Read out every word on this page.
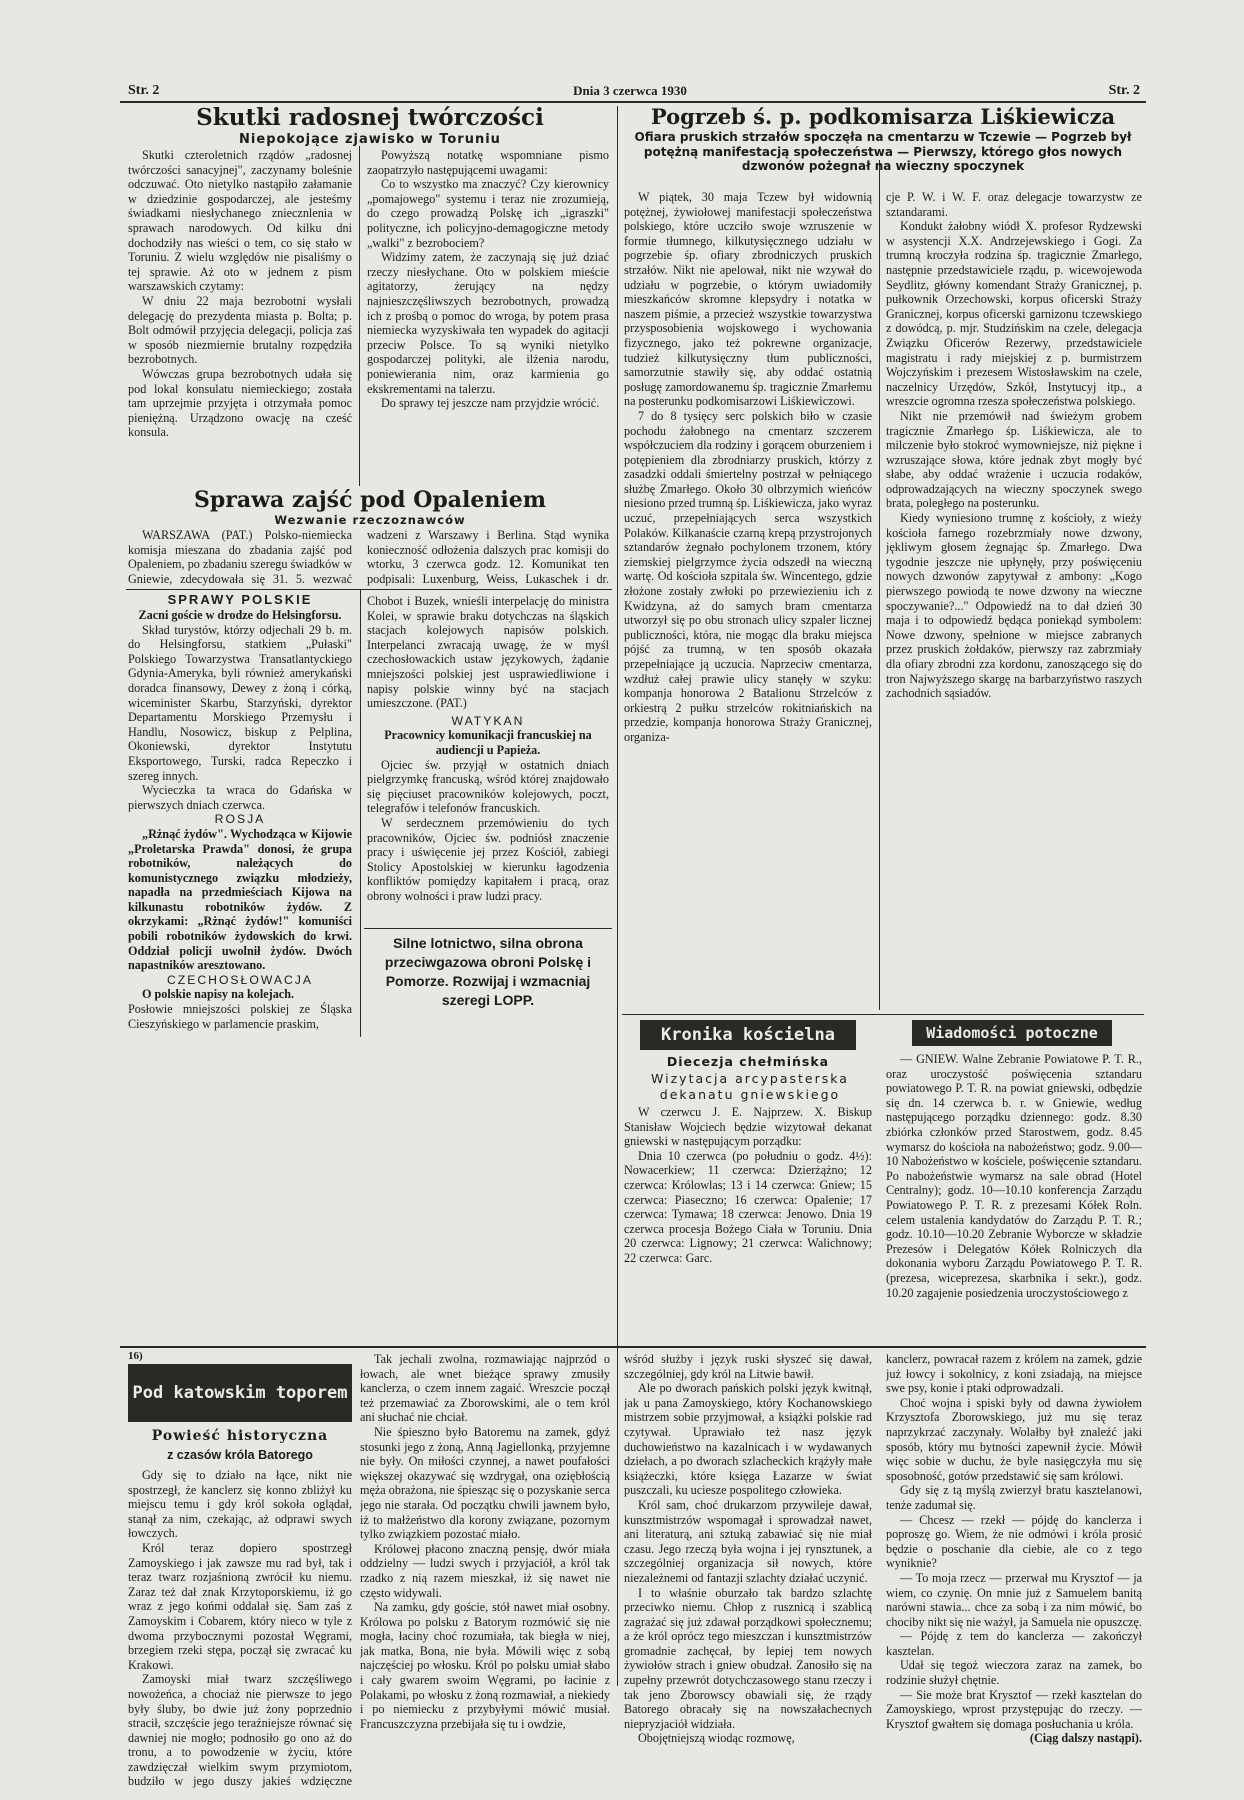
Str. 2	Dnia 3 czerwca 1930	Str. 2
Skutki radosnej twórczości
Niepokojące zjawisko w Toruniu

Skutki czteroletnich rządów „radosnej twórczości sanacyjnej", zaczynamy boleśnie odczuwać. Oto nietylko nastąpiło załamanie w dziedzinie gospodarczej, ale jesteśmy świadkami niesłychanego zniecznlenia w sprawach narodowych. Od kilku dni dochodziły nas wieści o tem, co się stało w Toruniu. Z wielu względów nie pisaliśmy o tej sprawie. Aż oto w jednem z pism warszawskich czytamy:

W dniu 22 maja bezrobotni wysłali delegację do prezydenta miasta p. Bolta; p. Bolt odmówił przyjęcia delegacji, policja zaś w sposób niezmiernie brutalny rozpędziła bezrobotnych.

Wówczas grupa bezrobotnych udała się pod lokal konsulatu niemieckiego; została tam uprzejmie przyjęta i otrzymała pomoc pieniężną. Urządzono owację na cześć konsula.

Powyższą notatkę wspomniane pismo zaopatrzyło następującemi uwagami:

Co to wszystko ma znaczyć? Czy kierownicy „pomajowego" systemu i teraz nie zrozumieją, do czego prowadzą Polskę ich „igraszki" polityczne, ich policyjno-demagogiczne metody „walki" z bezrobociem?

Widzimy zatem, że zaczynają się już dziać rzeczy niesłychane. Oto w polskiem mieście agitatorzy, żerujący na nędzy najnieszczęśliwszych bezrobotnych, prowadzą ich z prośbą o pomoc do wroga, by potem prasa niemiecka wyzyskiwała ten wypadek do agitacji przeciw Polsce. To są wyniki nietylko gospodarczej polityki, ale ilżenia narodu, poniewierania nim, oraz karmienia go ekskrementami na talerzu.

Do sprawy tej jeszcze nam przyjdzie wrócić.

Sprawa zajść pod Opaleniem
Wezwanie rzeczoznawców

WARSZAWA (PAT.) Polsko-niemiecka komisja mieszana do zbadania zajść pod Opaleniem, po zbadaniu szeregu świadków w Gniewie, zdecydowała się 31. 5. wezwać

wadzeni z Warszawy i Berlina. Stąd wynika konieczność odłożenia dalszych prac komisji do wtorku, 3 czerwca godz. 12. Komunikat ten podpisali: Luxenburg, Weiss, Lukaschek i dr.

SPRAWY POLSKIE

Zacni goście w drodze do Helsingforsu.

Skład turystów, którzy odjechali 29 b. m. do Helsingforsu, statkiem „Pułaski" Polskiego Towarzystwa Transatlantyckiego Gdynia-Ameryka, byli również amerykański doradca finansowy, Dewey z żoną i córką, wiceminister Skarbu, Starzyński, dyrektor Departamentu Morskiego Przemysłu i Handlu, Nosowicz, biskup z Pelplina, Okoniewski, dyrektor Instytutu Eksportowego, Turski, radca Repeczko i szereg innych.

Wycieczka ta wraca do Gdańska w pierwszych dniach czerwca.

ROSJA

„Rżnąć żydów". Wychodząca w Kijowie „Proletarska Prawda" donosi, że grupa robotników, należących do komunistycznego związku młodzieży, napadła na przedmieściach Kijowa na kilkunastu robotników żydów. Z okrzykami: „Rżnąć żydów!" komuniści pobili robotników żydowskich do krwi. Oddział policji uwolnił żydów. Dwóch napastników aresztowano.

CZECHOSŁOWACJA

O polskie napisy na kolejach.

Posłowie mniejszości polskiej ze Śląska Cieszyńskiego w parlamencie praskim,

Chobot i Buzek, wnieśli interpelację do ministra Kolei, w sprawie braku dotychczas na śląskich stacjach kolejowych napisów polskich. Interpelanci zwracają uwagę, że w myśl czechosłowackich ustaw językowych, żądanie mniejszości polskiej jest usprawiedliwione i napisy polskie winny być na stacjach umieszczone. (PAT.)

WATYKAN

Pracownicy komunikacji francuskiej na audiencji u Papieża.

Ojciec św. przyjął w ostatnich dniach pielgrzymkę francuską, wśród której znajdowało się pięciuset pracowników kolejowych, poczt, telegrafów i telefonów francuskich.

W serdecznem przemówieniu do tych pracowników, Ojciec św. podniósł znaczenie pracy i uświęcenie jej przez Kościół, zabiegi Stolicy Apostolskiej w kierunku łagodzenia konfliktów pomiędzy kapitałem i pracą, oraz obrony wolności i praw ludzi pracy.

Silne lotnictwo, silna obrona przeciwgazowa obroni Polskę i Pomorze. Rozwijaj i wzmacniaj szeregi LOPP.
Pogrzeb ś. p. podkomisarza Liśkiewicza
Ofiara pruskich strzałów spoczęła na cmentarzu w Tczewie — Pogrzeb był potężną manifestacją społeczeństwa — Pierwszy, którego głos nowych dzwonów pożegnał na wieczny spoczynek

W piątek, 30 maja Tczew był widownią potężnej, żywiołowej manifestacji społeczeństwa polskiego, które uczciło swoje wzruszenie w formie tłumnego, kilkutysięcznego udziału w pogrzebie śp. ofiary zbrodniczych pruskich strzałów. Nikt nie apelował, nikt nie wzywał do udziału w pogrzebie, o którym uwiadomiły mieszkańców skromne klepsydry i notatka w naszem piśmie, a przecież wszystkie towarzystwa przysposobienia wojskowego i wychowania fizycznego, jako też pokrewne organizacje, tudzież kilkutysięczny tłum publiczności, samorzutnie stawiły się, aby oddać ostatnią posługę zamordowanemu śp. tragicznie Zmarłemu na posterunku podkomisarzowi Liśkiewiczowi.

7 do 8 tysięcy serc polskich biło w czasie pochodu żałobnego na cmentarz szczerem współczuciem dla rodziny i gorącem oburzeniem i potępieniem dla zbrodniarzy pruskich, którzy z zasadzki oddali śmiertelny postrzał w pełniącego służbę Zmarłego. Około 30 olbrzymich wieńców niesiono przed trumną śp. Liśkiewicza, jako wyraz uczuć, przepełniających serca wszystkich Polaków. Kilkanaście czarną krepą przystrojonych sztandarów żegnało pochylonem trzonem, który ziemskiej pielgrzymce życia odszedł na wieczną wartę. Od kościoła szpitala św. Wincentego, gdzie złożone zostały zwłoki po przewiezieniu ich z Kwidzyna, aż do samych bram cmentarza utworzył się po obu stronach ulicy szpaler licznej publiczności, która, nie mogąc dla braku miejsca pójść za trumną, w ten sposób okazała przepełniające ją uczucia. Naprzeciw cmentarza, wzdłuż całej prawie ulicy stanęły w szyku: kompanja honorowa 2 Batalionu Strzelców z orkiestrą 2 pułku strzelców rokitniańskich na przedzie, kompanja honorowa Straży Granicznej, organiza-

cje P. W. i W. F. oraz delegacje towarzystw ze sztandarami.

Kondukt żałobny wiódł X. profesor Rydzewski w asystencji X.X. Andrzejewskiego i Gogi. Za trumną kroczyła rodzina śp. tragicznie Zmarłego, następnie przedstawiciele rządu, p. wicewojewoda Seydlitz, główny komendant Straży Granicznej, p. pułkownik Orzechowski, korpus oficerski Straży Granicznej, korpus oficerski garnizonu tczewskiego z dowódcą, p. mjr. Studzińskim na czele, delegacja Związku Oficerów Rezerwy, przedstawiciele magistratu i rady miejskiej z p. burmistrzem Wojczyńskim i prezesem Wistosławskim na czele, naczelnicy Urzędów, Szkół, Instytucyj itp., a wreszcie ogromna rzesza społeczeństwa polskiego.

Nikt nie przemówił nad świeżym grobem tragicznie Zmarłego śp. Liśkiewicza, ale to milczenie było stokroć wymowniejsze, niż piękne i wzruszające słowa, które jednak zbyt mogły być słabe, aby oddać wrażenie i uczucia rodaków, odprowadzających na wieczny spoczynek swego brata, poległego na posterunku.

Kiedy wyniesiono trumnę z kościoły, z wieży kościoła farnego rozebrzmiały nowe dzwony, jękliwym głosem żegnając śp. Zmarłego. Dwa tygodnie jeszcze nie upłynęły, przy poświęceniu nowych dzwonów zapytywał z ambony: „Kogo pierwszego powiodą te nowe dzwony na wieczne spoczywanie?..." Odpowiedź na to dał dzień 30 maja i to odpowiedź będąca poniekąd symbolem: Nowe dzwony, spełnione w miejsce zabranych przez pruskich żołdaków, pierwszy raz zabrzmiały dla ofiary zbrodni zza kordonu, zanoszącego się do tron Najwyższego skargę na barbarzyństwo raszych zachodnich sąsiadów.

Kronika kościelna
Diecezja chełmińska
Wizytacja arcypasterska dekanatu gniewskiego

W czerwcu J. E. Najprzew. X. Biskup Stanisław Wojciech będzie wizytował dekanat gniewski w następującym porządku:

Dnia 10 czerwca (po południu o godz. 4½): Nowacerkiew; 11 czerwca: Dzierżążno; 12 czerwca: Królowlas; 13 i 14 czerwca: Gniew; 15 czerwca: Piaseczno; 16 czerwca: Opalenie; 17 czerwca: Tymawa; 18 czerwca: Jenowo. Dnia 19 czerwca procesja Bożego Ciała w Toruniu. Dnia 20 czerwca: Lignowy; 21 czerwca: Walichnowy; 22 czerwca: Garc.

Wiadomości potoczne

— GNIEW. Walne Zebranie Powiatowe P. T. R., oraz uroczystość poświęcenia sztandaru powiatowego P. T. R. na powiat gniewski, odbędzie się dn. 14 czerwca b. r. w Gniewie, według następującego porządku dziennego: godz. 8.30 zbiórka członków przed Starostwem, godz. 8.45 wymarsz do kościoła na nabożeństwo; godz. 9.00—10 Nabożeństwo w kościele, poświęcenie sztandaru. Po nabożeństwie wymarsz na sale obrad (Hotel Centralny); godz. 10—10.10 konferencja Zarządu Powiatowego P. T. R. z prezesami Kółek Roln. celem ustalenia kandydatów do Zarządu P. T. R.; godz. 10.10—10.20 Zebranie Wyborcze w składzie Prezesów i Delegatów Kółek Rolniczych dla dokonania wyboru Zarządu Powiatowego P. T. R. (prezesa, wiceprezesa, skarbnika i sekr.), godz. 10.20 zagajenie posiedzenia uroczystościowego z

16)
Pod katowskim toporem
Powieść historyczna
z czasów króla Batorego

Gdy się to działo na łące, nikt nie spostrzegł, że kanclerz się konno zbliżył ku miejscu temu i gdy król sokoła oglądał, stanął za nim, czekając, aż odprawi swych łowczych.

Król teraz dopiero spostrzegł Zamoyskiego i jak zawsze mu rad był, tak i teraz twarz rozjaśnioną zwrócił ku niemu. Zaraz też dał znak Krzytoporskiemu, iż go wraz z jego końmi oddalał się. Sam zaś z Zamoyskim i Cobarem, który nieco w tyle z dwoma przybocznymi pozostał Węgrami, brzegiem rzeki stępa, począł się zwracać ku Krakowi.

Zamoyski miał twarz szczęśliwego nowożeńca, a chociaż nie pierwsze to jego były śluby, bo dwie już żony poprzednio stracił, szczęście jego teraźniejsze równać się dawniej nie mogło; podnosiło go ono aż do tronu, a to powodzenie w życiu, które zawdzięczał wielkim swym przymiotom, budziło w jego duszy jakieś wdzięczne

Tak jechali zwolna, rozmawiając najprzód o łowach, ale wnet bieżące sprawy zmusiły kanclerza, o czem innem zagaić. Wreszcie począł też przemawiać za Zborowskimi, ale o tem król ani słuchać nie chciał.

Nie śpieszno było Batoremu na zamek, gdyż stosunki jego z żoną, Anną Jagiellonką, przyjemne nie były. On miłości czynnej, a nawet poufałości większej okazywać się wzdrygał, ona oziębłością męża obrażona, nie śpiesząc się o pozyskanie serca jego nie starała. Od początku chwili jawnem było, iż to małżeństwo dla korony związane, pozornym tylko związkiem pozostać miało.

Królowej płacono znaczną pensję, dwór miała oddzielny — ludzi swych i przyjaciół, a król tak rzadko z nią razem mieszkał, iż się nawet nie często widywali.

Na zamku, gdy goście, stół nawet miał osobny. Królowa po polsku z Batorym rozmówić się nie mogła, łaciny choć rozumiała, tak biegła w niej, jak matka, Bona, nie była. Mówili więc z sobą najczęściej po włosku. Król po polsku umiał słabo i cały gwarem swoim Węgrami, po łacinie z Polakami, po włosku z żoną rozmawiał, a niekiedy i po niemiecku z przybyłymi mówić musiał. Francuszczyzna przebijała się tu i owdzie,

wśród służby i język ruski słyszeć się dawał, szczególniej, gdy król na Litwie bawił.

Ale po dworach pańskich polski język kwitnął, jak u pana Zamoyskiego, który Kochanowskiego mistrzem sobie przyjmował, a książki polskie rad czytywał. Uprawiało też nasz język duchowieństwo na kazalnicach i w wydawanych dziełach, a po dworach szlacheckich krążyły małe książeczki, które księga Łazarze w świat puszczali, ku uciesze pospolitego człowieka.

Król sam, choć drukarzom przywileje dawał, kunsztmistrzów wspomagał i sprowadzał nawet, ani literaturą, ani sztuką zabawiać się nie miał czasu. Jego rzeczą była wojna i jej rynsztunek, a szczególniej organizacja sił nowych, które niezależnemi od fantazji szlachty działać uczynić.

I to właśnie oburzało tak bardzo szlachtę przeciwko niemu. Chłop z rusznicą i szablicą zagrażać się już zdawał porządkowi społecznemu; a że król oprócz tego mieszczan i kunsztmistrzów gromadnie zachęcał, by lepiej tem nowych żywiołów strach i gniew obudzał. Zanosiło się na zupełny przewrót dotychczasowego stanu rzeczy i tak jeno Zborowscy obawiali się, że rządy Batorego obracały się na nowszałachecnych niepryzjaciół widziała.

Obojętniejszą wiodąc rozmowę,

kanclerz, powracał razem z królem na zamek, gdzie już łowcy i sokolnicy, z koni zsiadają, na miejsce swe psy, konie i ptaki odprowadzali.

Choć wojna i spiski były od dawna żywiołem Krzysztofa Zborowskiego, już mu się teraz naprzykrzać zaczynały. Wolałby był znaleźć jaki sposób, który mu bytności zapewnił życie. Mówił więc sobie w duchu, że byle nasięgczyła mu się sposobność, gotów przedstawić się sam królowi.

Gdy się z tą myślą zwierzył bratu kasztelanowi, tenże zadumał się.

— Chcesz — rzekł — pójdę do kanclerza i poproszę go. Wiem, że nie odmówi i króla prosić będzie o poschanie dla ciebie, ale co z tego wyniknie?

— To moja rzecz — przerwał mu Krysztof — ja wiem, co czynię. On mnie już z Samuelem banitą narówni stawia... chce za sobą i za nim mówić, bo chociby nikt się nie ważył, ja Samuela nie opuszczę.

— Pójdę z tem do kanclerza — zakończył kasztelan.

Udał się tegoż wieczora zaraz na zamek, bo rodzinie służył chętnie.

— Sie może brat Krysztof — rzekł kasztelan do Zamoyskiego, wprost przystępując do rzeczy. — Krysztof gwałtem się domaga posłuchania u króla.

(Ciąg dalszy nastąpi).
